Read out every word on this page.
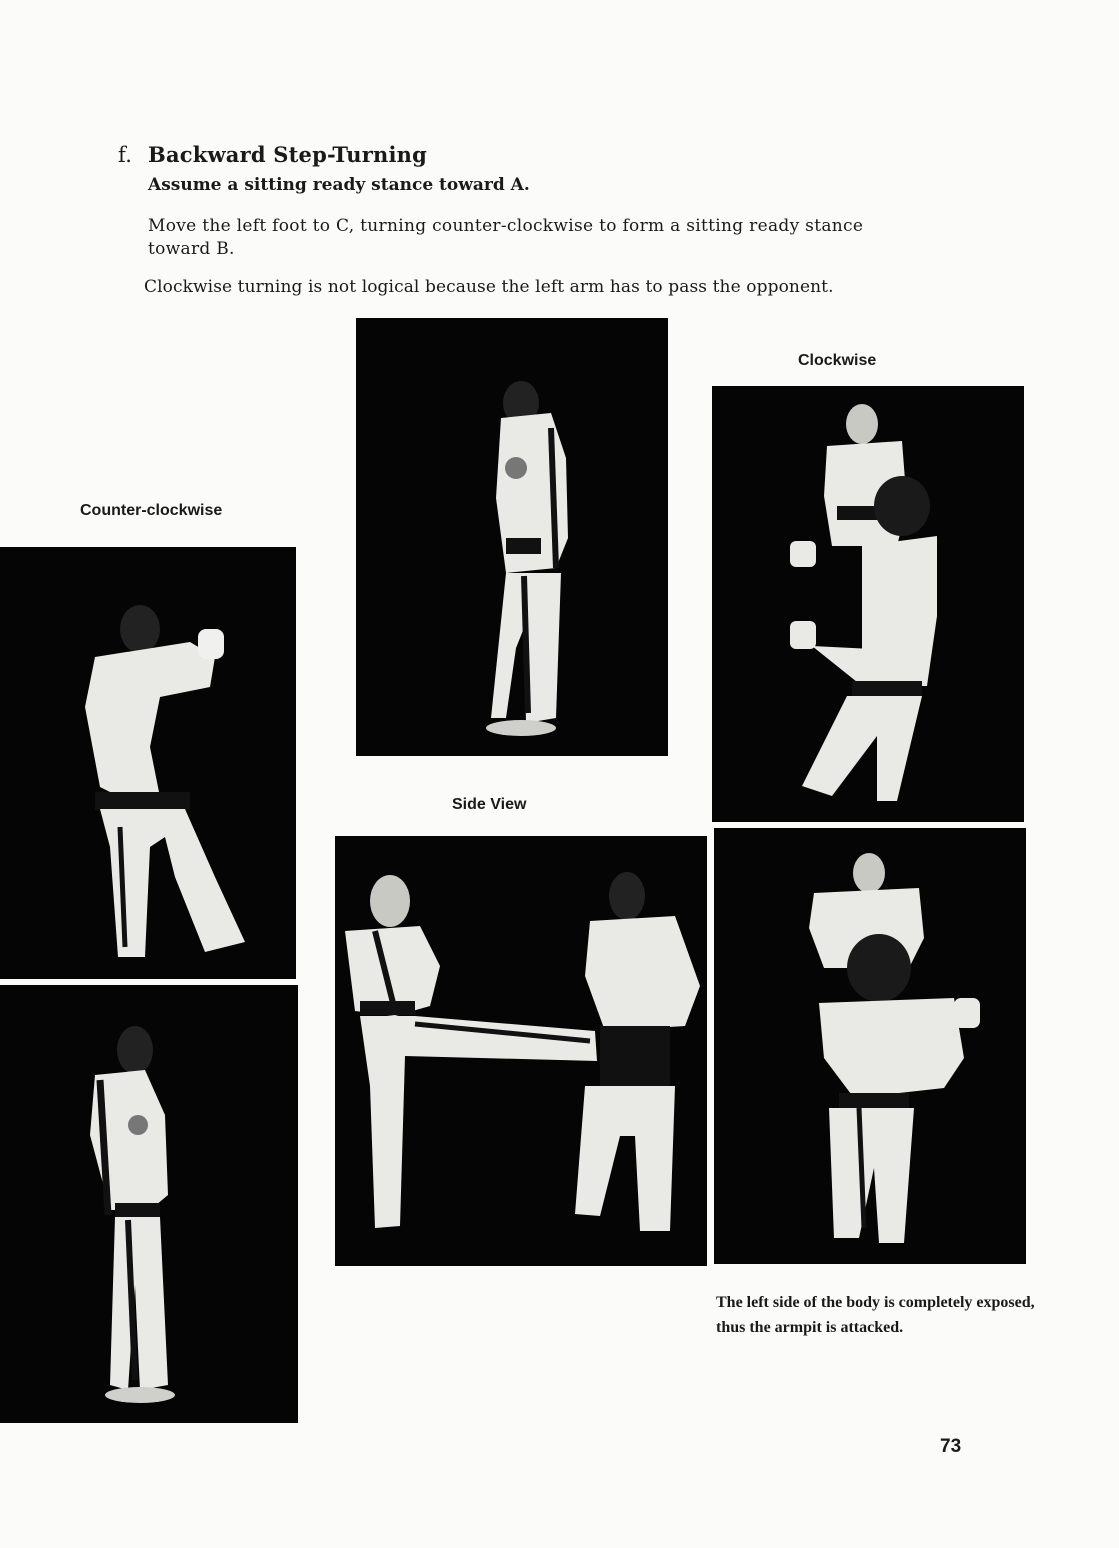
f. Backward Step-Turning
Assume a sitting ready stance toward A.
Move the left foot to C, turning counter-clockwise to form a sitting ready stance toward B.
Clockwise turning is not logical because the left arm has to pass the opponent.
Clockwise
Counter-clockwise
Side View
The left side of the body is completely exposed, thus the armpit is attacked.
73
